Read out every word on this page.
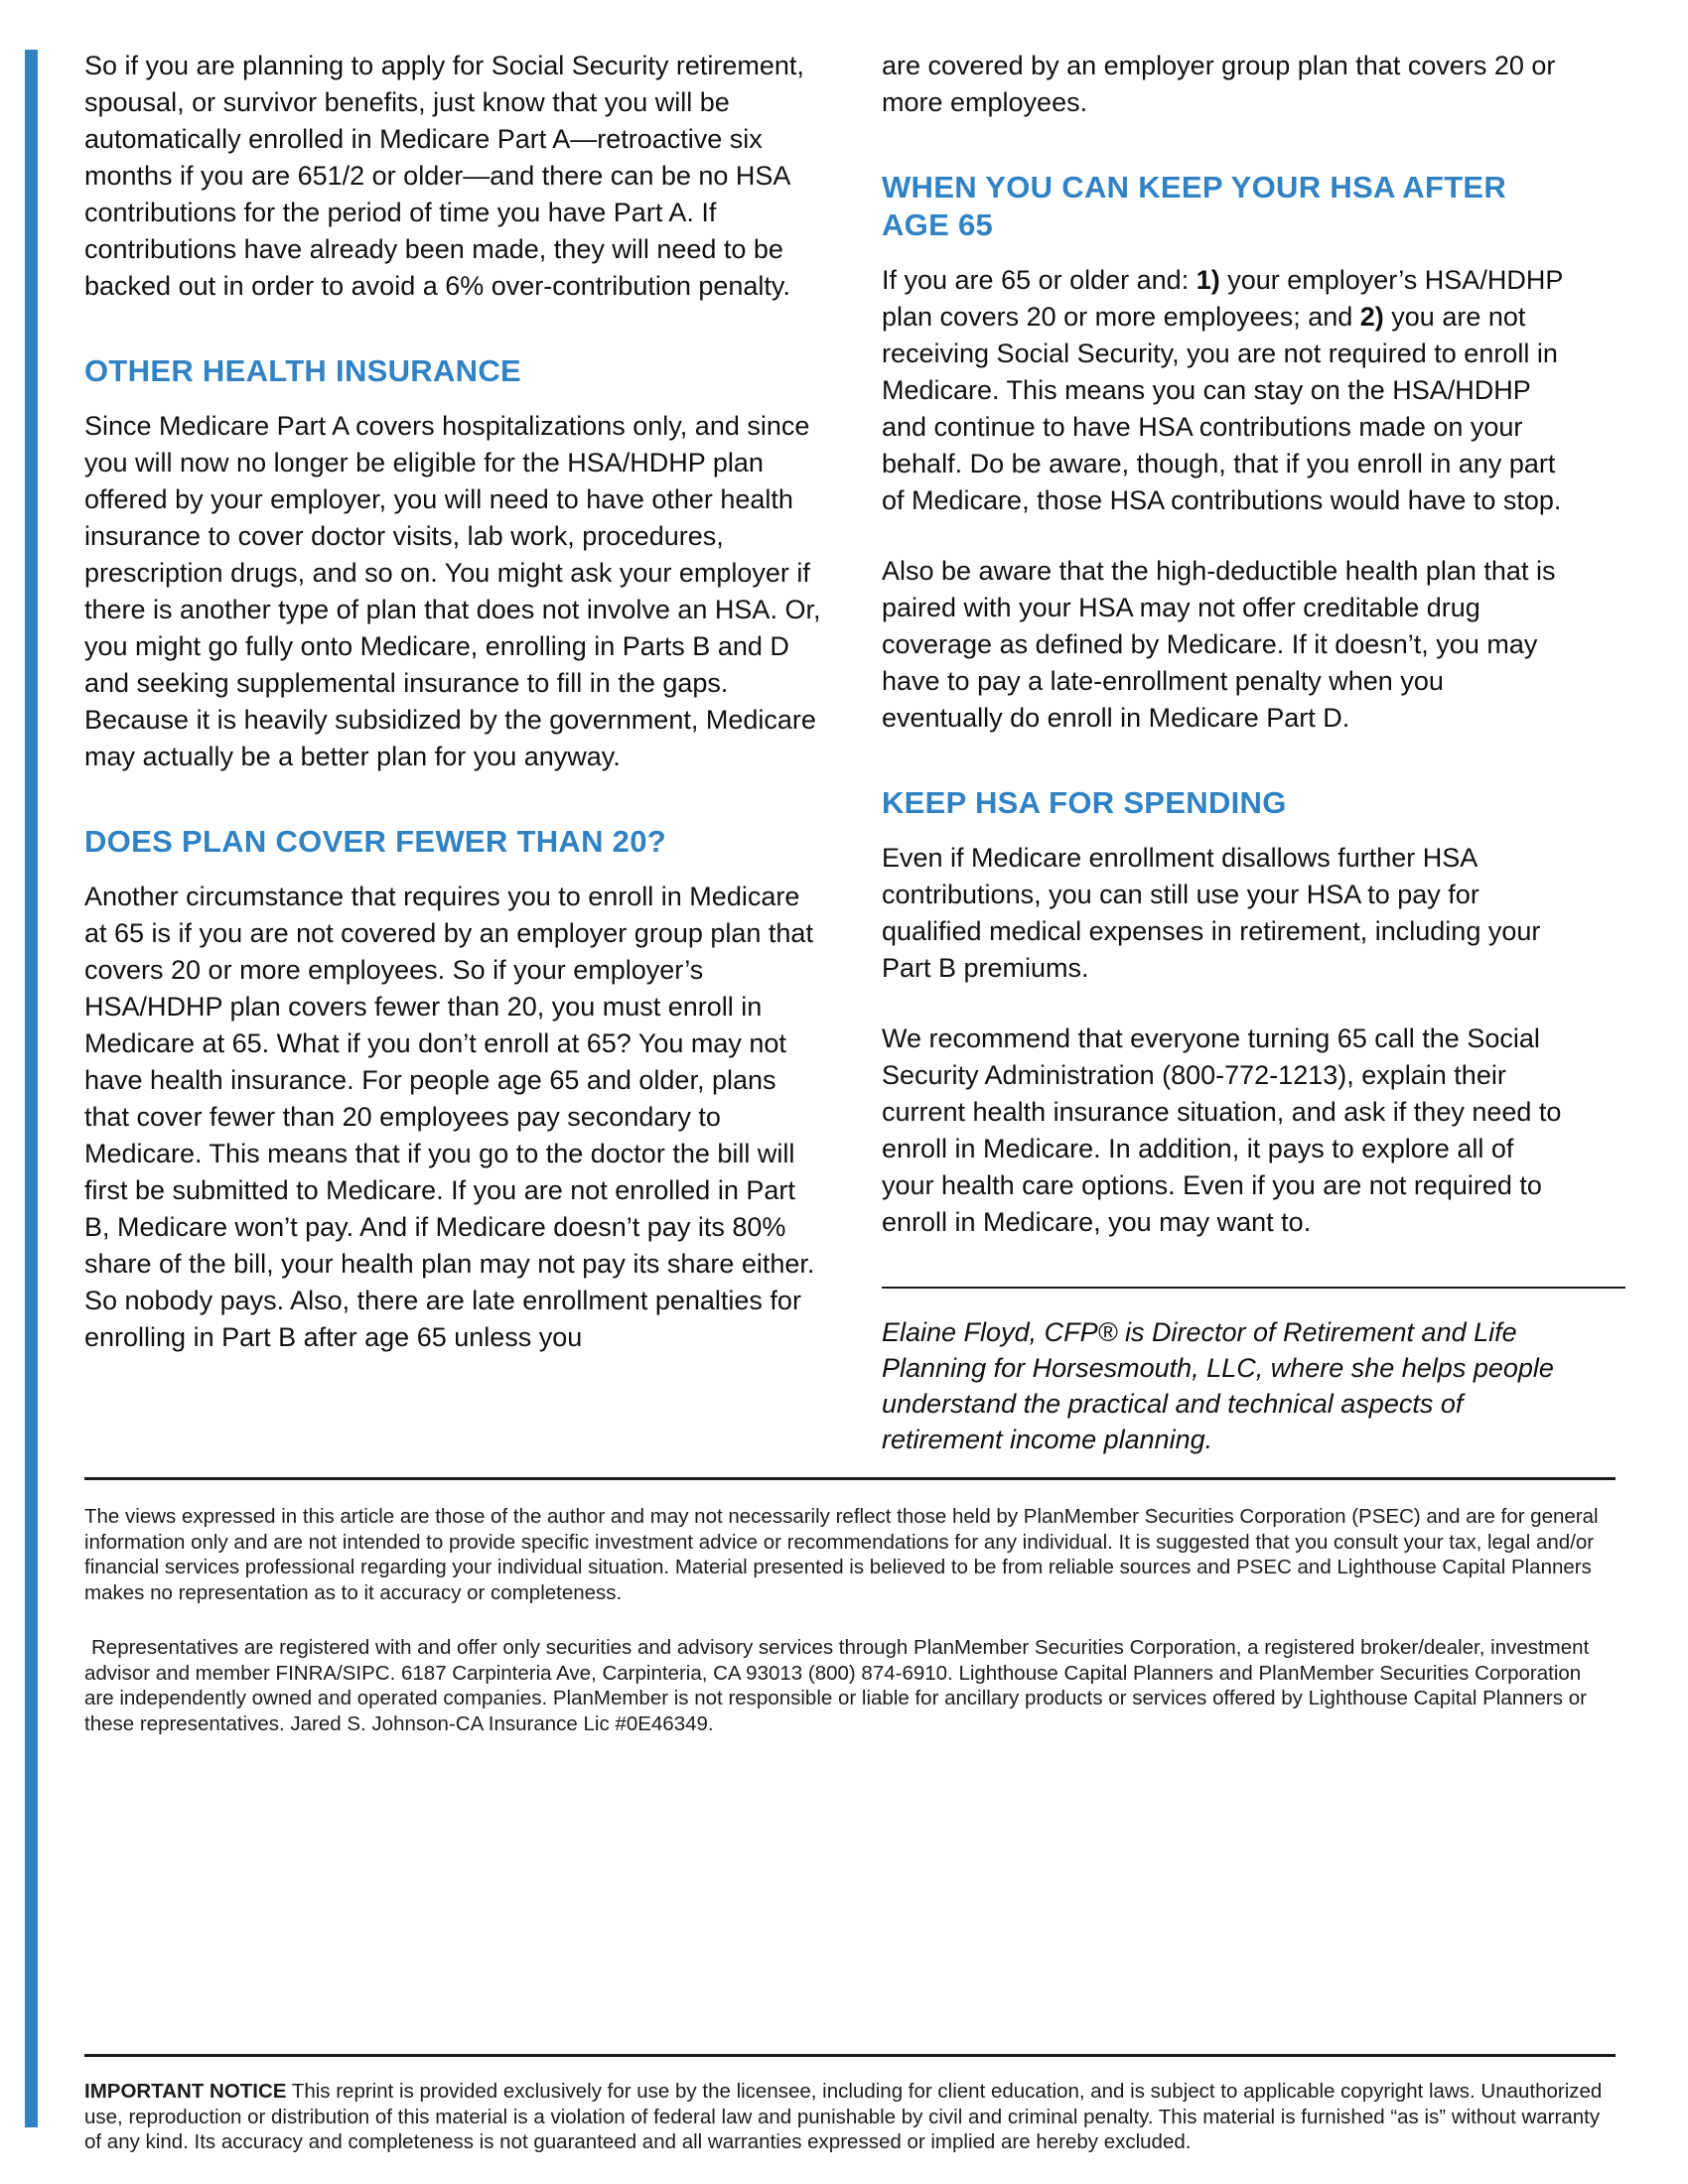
So if you are planning to apply for Social Security retirement, spousal, or survivor benefits, just know that you will be automatically enrolled in Medicare Part A—retroactive six months if you are 651/2 or older—and there can be no HSA contributions for the period of time you have Part A. If contributions have already been made, they will need to be backed out in order to avoid a 6% over-contribution penalty.

OTHER HEALTH INSURANCE

Since Medicare Part A covers hospitalizations only, and since you will now no longer be eligible for the HSA/HDHP plan offered by your employer, you will need to have other health insurance to cover doctor visits, lab work, procedures, prescription drugs, and so on. You might ask your employer if there is another type of plan that does not involve an HSA. Or, you might go fully onto Medicare, enrolling in Parts B and D and seeking supplemental insurance to fill in the gaps. Because it is heavily subsidized by the government, Medicare may actually be a better plan for you anyway.

DOES PLAN COVER FEWER THAN 20?

Another circumstance that requires you to enroll in Medicare at 65 is if you are not covered by an employer group plan that covers 20 or more employees. So if your employer’s HSA/HDHP plan covers fewer than 20, you must enroll in Medicare at 65. What if you don’t enroll at 65? You may not have health insurance. For people age 65 and older, plans that cover fewer than 20 employees pay secondary to Medicare. This means that if you go to the doctor the bill will first be submitted to Medicare. If you are not enrolled in Part B, Medicare won’t pay. And if Medicare doesn’t pay its 80% share of the bill, your health plan may not pay its share either. So nobody pays. Also, there are late enrollment penalties for enrolling in Part B after age 65 unless you

are covered by an employer group plan that covers 20 or more employees.

WHEN YOU CAN KEEP YOUR HSA AFTER AGE 65

If you are 65 or older and: 1) your employer’s HSA/HDHP plan covers 20 or more employees; and 2) you are not receiving Social Security, you are not required to enroll in Medicare. This means you can stay on the HSA/HDHP and continue to have HSA contributions made on your behalf. Do be aware, though, that if you enroll in any part of Medicare, those HSA contributions would have to stop.

Also be aware that the high-deductible health plan that is paired with your HSA may not offer creditable drug coverage as defined by Medicare. If it doesn’t, you may have to pay a late-enrollment penalty when you eventually do enroll in Medicare Part D.

KEEP HSA FOR SPENDING

Even if Medicare enrollment disallows further HSA contributions, you can still use your HSA to pay for qualified medical expenses in retirement, including your Part B premiums.

We recommend that everyone turning 65 call the Social Security Administration (800-772-1213), explain their current health insurance situation, and ask if they need to enroll in Medicare. In addition, it pays to explore all of your health care options. Even if you are not required to enroll in Medicare, you may want to.

Elaine Floyd, CFP® is Director of Retirement and Life Planning for Horsesmouth, LLC, where she helps people understand the practical and technical aspects of retirement income planning.

The views expressed in this article are those of the author and may not necessarily reflect those held by PlanMember Securities Corporation (PSEC) and are for general information only and are not intended to provide specific investment advice or recommendations for any individual. It is suggested that you consult your tax, legal and/or financial services professional regarding your individual situation. Material presented is believed to be from reliable sources and PSEC and Lighthouse Capital Planners makes no representation as to it accuracy or completeness.

Representatives are registered with and offer only securities and advisory services through PlanMember Securities Corporation, a registered broker/dealer, investment advisor and member FINRA/SIPC. 6187 Carpinteria Ave, Carpinteria, CA 93013 (800) 874-6910. Lighthouse Capital Planners and PlanMember Securities Corporation are independently owned and operated companies. PlanMember is not responsible or liable for ancillary products or services offered by Lighthouse Capital Planners or these representatives. Jared S. Johnson-CA Insurance Lic #0E46349.

IMPORTANT NOTICE This reprint is provided exclusively for use by the licensee, including for client education, and is subject to applicable copyright laws. Unauthorized use, reproduction or distribution of this material is a violation of federal law and punishable by civil and criminal penalty. This material is furnished “as is” without warranty of any kind. Its accuracy and completeness is not guaranteed and all warranties expressed or implied are hereby excluded.
